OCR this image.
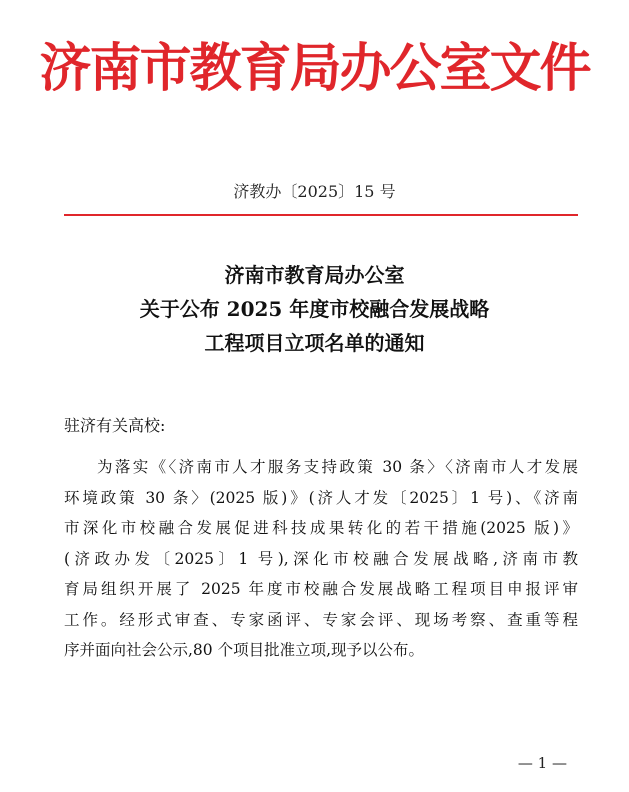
济南市教育局办公室文件
济教办〔2025〕15 号
济南市教育局办公室
关于公布 2025 年度市校融合发展战略
工程项目立项名单的通知
驻济有关高校:
为落实《〈济南市人才服务支持政策 30 条〉〈济南市人才发展
环境政策 30 条〉(2025 版)》(济人才发〔2025〕1 号)、《济南
市深化市校融合发展促进科技成果转化的若干措施(2025 版)》
(济政办发〔2025〕1 号),深化市校融合发展战略,济南市教
育局组织开展了 2025 年度市校融合发展战略工程项目申报评审
工作。经形式审查、专家函评、专家会评、现场考察、查重等程
序并面向社会公示,80 个项目批准立项,现予以公布。
— 1 —
